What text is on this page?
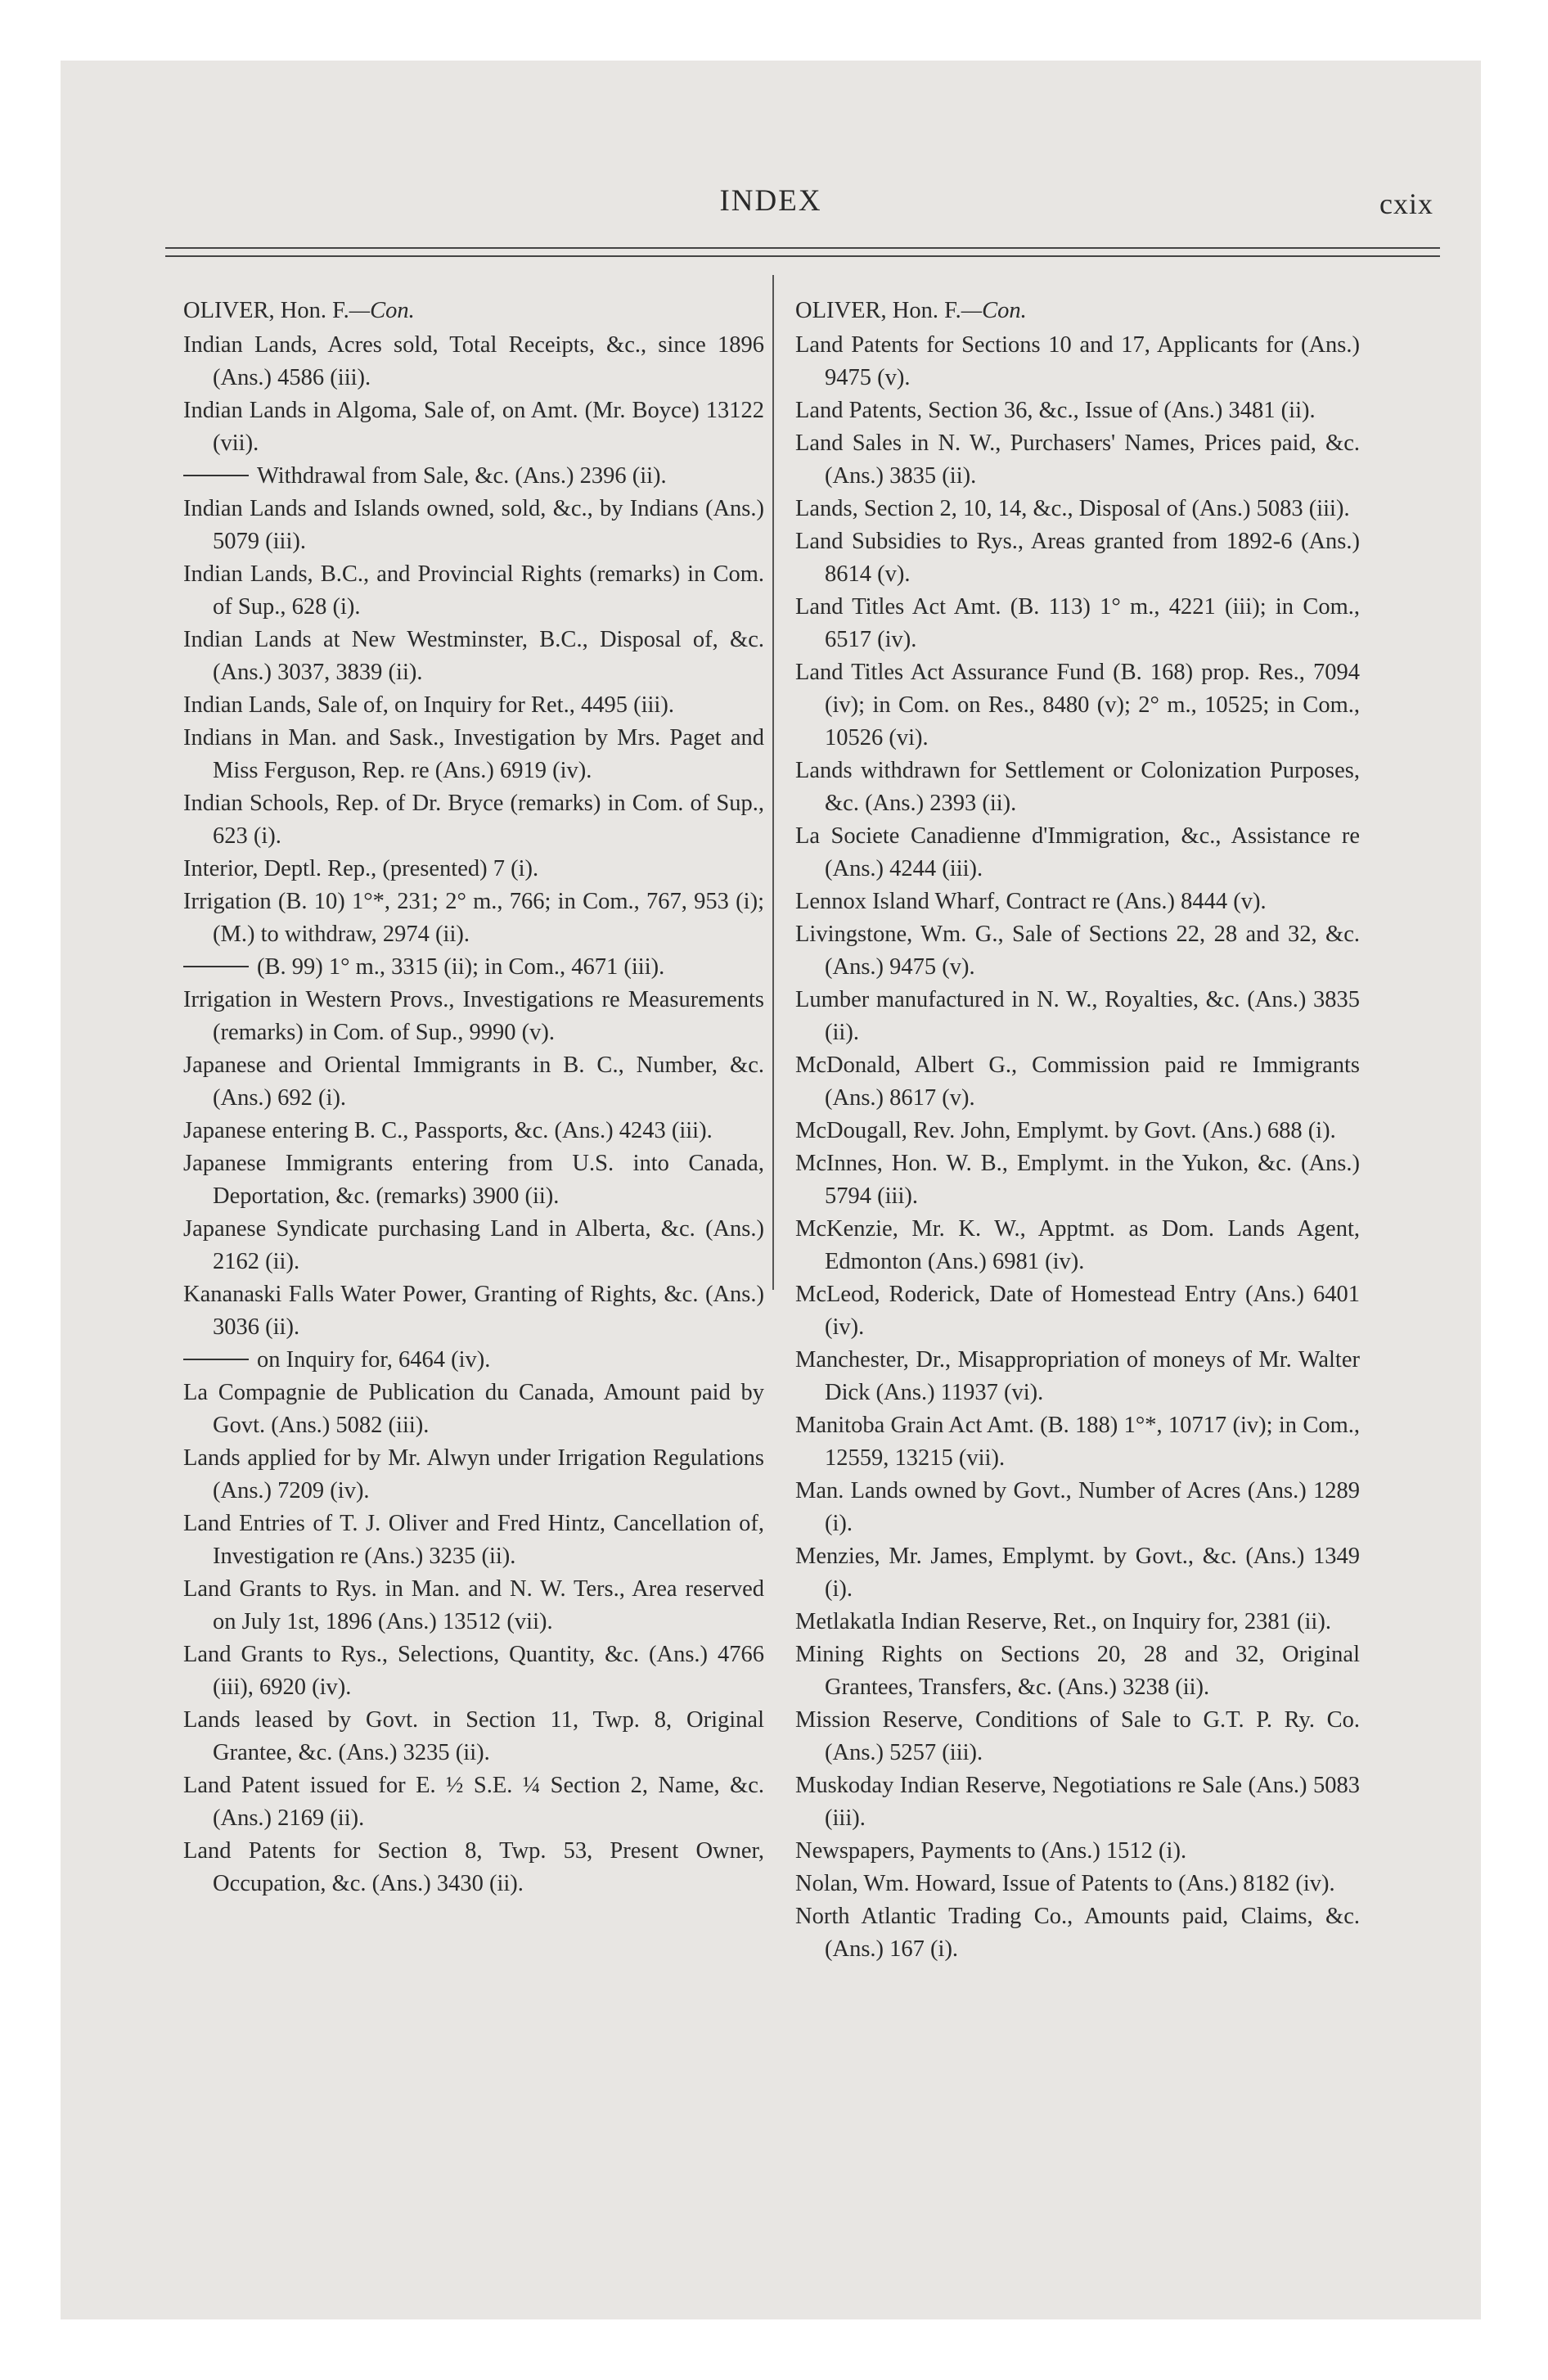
INDEX	cxix
OLIVER, Hon. F.—Con.
Indian Lands, Acres sold, Total Receipts, &c., since 1896 (Ans.) 4586 (iii).
Indian Lands in Algoma, Sale of, on Amt. (Mr. Boyce) 13122 (vii).
Withdrawal from Sale, &c. (Ans.) 2396 (ii).
Indian Lands and Islands owned, sold, &c., by Indians (Ans.) 5079 (iii).
Indian Lands, B.C., and Provincial Rights (remarks) in Com. of Sup., 628 (i).
Indian Lands at New Westminster, B.C., Disposal of, &c. (Ans.) 3037, 3839 (ii).
Indian Lands, Sale of, on Inquiry for Ret., 4495 (iii).
Indians in Man. and Sask., Investigation by Mrs. Paget and Miss Ferguson, Rep. re (Ans.) 6919 (iv).
Indian Schools, Rep. of Dr. Bryce (remarks) in Com. of Sup., 623 (i).
Interior, Deptl. Rep., (presented) 7 (i).
Irrigation (B. 10) 1°*, 231; 2° m., 766; in Com., 767, 953 (i); (M.) to withdraw, 2974 (ii).
(B. 99) 1° m., 3315 (ii); in Com., 4671 (iii).
Irrigation in Western Provs., Investigations re Measurements (remarks) in Com. of Sup., 9990 (v).
Japanese and Oriental Immigrants in B. C., Number, &c. (Ans.) 692 (i).
Japanese entering B. C., Passports, &c. (Ans.) 4243 (iii).
Japanese Immigrants entering from U.S. into Canada, Deportation, &c. (remarks) 3900 (ii).
Japanese Syndicate purchasing Land in Alberta, &c. (Ans.) 2162 (ii).
Kananaski Falls Water Power, Granting of Rights, &c. (Ans.) 3036 (ii).
on Inquiry for, 6464 (iv).
La Compagnie de Publication du Canada, Amount paid by Govt. (Ans.) 5082 (iii).
Lands applied for by Mr. Alwyn under Irrigation Regulations (Ans.) 7209 (iv).
Land Entries of T. J. Oliver and Fred Hintz, Cancellation of, Investigation re (Ans.) 3235 (ii).
Land Grants to Rys. in Man. and N. W. Ters., Area reserved on July 1st, 1896 (Ans.) 13512 (vii).
Land Grants to Rys., Selections, Quantity, &c. (Ans.) 4766 (iii), 6920 (iv).
Lands leased by Govt. in Section 11, Twp. 8, Original Grantee, &c. (Ans.) 3235 (ii).
Land Patent issued for E. ½ S.E. ¼ Section 2, Name, &c. (Ans.) 2169 (ii).
Land Patents for Section 8, Twp. 53, Present Owner, Occupation, &c. (Ans.) 3430 (ii).
OLIVER, Hon. F.—Con.
Land Patents for Sections 10 and 17, Applicants for (Ans.) 9475 (v).
Land Patents, Section 36, &c., Issue of (Ans.) 3481 (ii).
Land Sales in N. W., Purchasers' Names, Prices paid, &c. (Ans.) 3835 (ii).
Lands, Section 2, 10, 14, &c., Disposal of (Ans.) 5083 (iii).
Land Subsidies to Rys., Areas granted from 1892-6 (Ans.) 8614 (v).
Land Titles Act Amt. (B. 113) 1° m., 4221 (iii); in Com., 6517 (iv).
Land Titles Act Assurance Fund (B. 168) prop. Res., 7094 (iv); in Com. on Res., 8480 (v); 2° m., 10525; in Com., 10526 (vi).
Lands withdrawn for Settlement or Colonization Purposes, &c. (Ans.) 2393 (ii).
La Societe Canadienne d'Immigration, &c., Assistance re (Ans.) 4244 (iii).
Lennox Island Wharf, Contract re (Ans.) 8444 (v).
Livingstone, Wm. G., Sale of Sections 22, 28 and 32, &c. (Ans.) 9475 (v).
Lumber manufactured in N. W., Royalties, &c. (Ans.) 3835 (ii).
McDonald, Albert G., Commission paid re Immigrants (Ans.) 8617 (v).
McDougall, Rev. John, Emplymt. by Govt. (Ans.) 688 (i).
McInnes, Hon. W. B., Emplymt. in the Yukon, &c. (Ans.) 5794 (iii).
McKenzie, Mr. K. W., Apptmt. as Dom. Lands Agent, Edmonton (Ans.) 6981 (iv).
McLeod, Roderick, Date of Homestead Entry (Ans.) 6401 (iv).
Manchester, Dr., Misappropriation of moneys of Mr. Walter Dick (Ans.) 11937 (vi).
Manitoba Grain Act Amt. (B. 188) 1°*, 10717 (iv); in Com., 12559, 13215 (vii).
Man. Lands owned by Govt., Number of Acres (Ans.) 1289 (i).
Menzies, Mr. James, Emplymt. by Govt., &c. (Ans.) 1349 (i).
Metlakatla Indian Reserve, Ret., on Inquiry for, 2381 (ii).
Mining Rights on Sections 20, 28 and 32, Original Grantees, Transfers, &c. (Ans.) 3238 (ii).
Mission Reserve, Conditions of Sale to G.T. P. Ry. Co. (Ans.) 5257 (iii).
Muskoday Indian Reserve, Negotiations re Sale (Ans.) 5083 (iii).
Newspapers, Payments to (Ans.) 1512 (i).
Nolan, Wm. Howard, Issue of Patents to (Ans.) 8182 (iv).
North Atlantic Trading Co., Amounts paid, Claims, &c. (Ans.) 167 (i).
